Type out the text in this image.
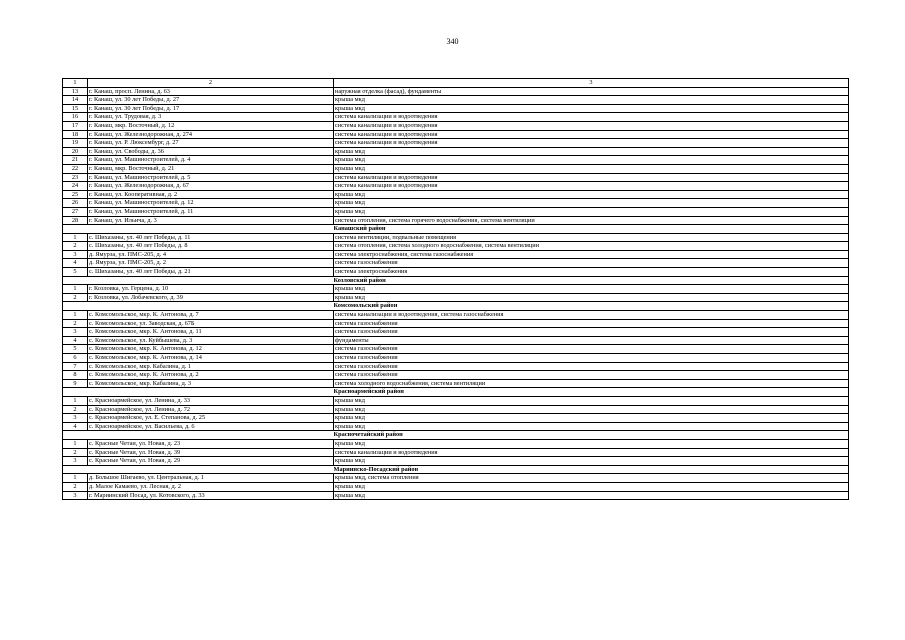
340
1	2	3
13	г. Канаш, просп. Ленина, д. 63	наружная отделка (фасад), фундаменты
14	г. Канаш, ул. 30 лет Победы, д. 27	крыша мкд
15	г. Канаш, ул. 30 лет Победы, д. 17	крыша мкд
16	г. Канаш, ул. Трудовая, д. 3	система канализации и водоотведения
17	г. Канаш, мкр. Восточный, д. 12	система канализации и водоотведения
18	г. Канаш, ул. Железнодорожная, д. 274	система канализации и водоотведения
19	г. Канаш, ул. Р. Люксембург, д. 27	система канализации и водоотведения
20	г. Канаш, ул. Свободы, д. 36	крыша мкд
21	г. Канаш, ул. Машиностроителей, д. 4	крыша мкд
22	г. Канаш, мкр. Восточный, д. 21	крыша мкд
23	г. Канаш, ул. Машиностроителей, д. 5	система канализации и водоотведения
24	г. Канаш, ул. Железнодорожная, д. 67	система канализации и водоотведения
25	г. Канаш, ул. Кооперативная, д. 2	крыша мкд
26	г. Канаш, ул. Машиностроителей, д. 12	крыша мкд
27	г. Канаш, ул. Машиностроителей, д. 11	крыша мкд
28	г. Канаш, ул. Ильича, д. 3	система отопления, система горячего водоснабжения, система вентиляции
		Канашский район
1	с. Шихазаны, ул. 40 лет Победы, д. 11	система вентиляции, подвальные помещения
2	с. Шихазаны, ул. 40 лет Победы, д. 8	система отопления, система холодного водоснабжения, система вентиляции
3	д. Ямурза, ул. ПМС-205, д. 4	система электроснабжения, система газоснабжения
4	д. Ямурза, ул. ПМС-205, д. 2	система газоснабжения
5	с. Шихазаны, ул. 40 лет Победы, д. 21	система электроснабжения
		Козловский район
1	г. Козловка, ул. Герцена, д. 10	крыша мкд
2	г. Козловка, ул. Лобачевского, д. 39	крыша мкд
		Комсомольский район
1	с. Комсомольское, мкр. К. Антонова, д. 7	система канализации и водоотведения, система газоснабжения
2	с. Комсомольское, ул. Заводская, д. 67Б	система газоснабжения
3	с. Комсомольское, мкр. К. Антонова, д. 11	система газоснабжения
4	с. Комсомольское, ул. Куйбышева, д. 3	фундаменты
5	с. Комсомольское, мкр. К. Антонова, д. 12	система газоснабжения
6	с. Комсомольское, мкр. К. Антонова, д. 14	система газоснабжения
7	с. Комсомольское, мкр. Кабалина, д. 1	система газоснабжения
8	с. Комсомольское, мкр. К. Антонова, д. 2	система газоснабжения
9	с. Комсомольское, мкр. Кабалина, д. 3	система холодного водоснабжения, система вентиляции
		Красноармейский район
1	с. Красноармейское, ул. Ленина, д. 33	крыша мкд
2	с. Красноармейское, ул. Ленина, д. 72	крыша мкд
3	с. Красноармейское, ул. Е. Степанова, д. 25	крыша мкд
4	с. Красноармейское, ул. Васильева, д. 6	крыша мкд
		Красночетайский район
1	с. Красные Четаи, ул. Новая, д. 23	крыша мкд
2	с. Красные Четаи, ул. Новая, д. 39	система канализации и водоотведения
3	с. Красные Четаи, ул. Новая, д. 29	крыша мкд
		Мариинско-Посадский район
1	д. Большое Шигаево, ул. Центральная, д. 1	крыша мкд, система отопления
2	д. Малое Камаево, ул. Лесная, д. 2	крыша мкд
3	г. Мариинский Посад, ул. Котовского, д. 33	крыша мкд
